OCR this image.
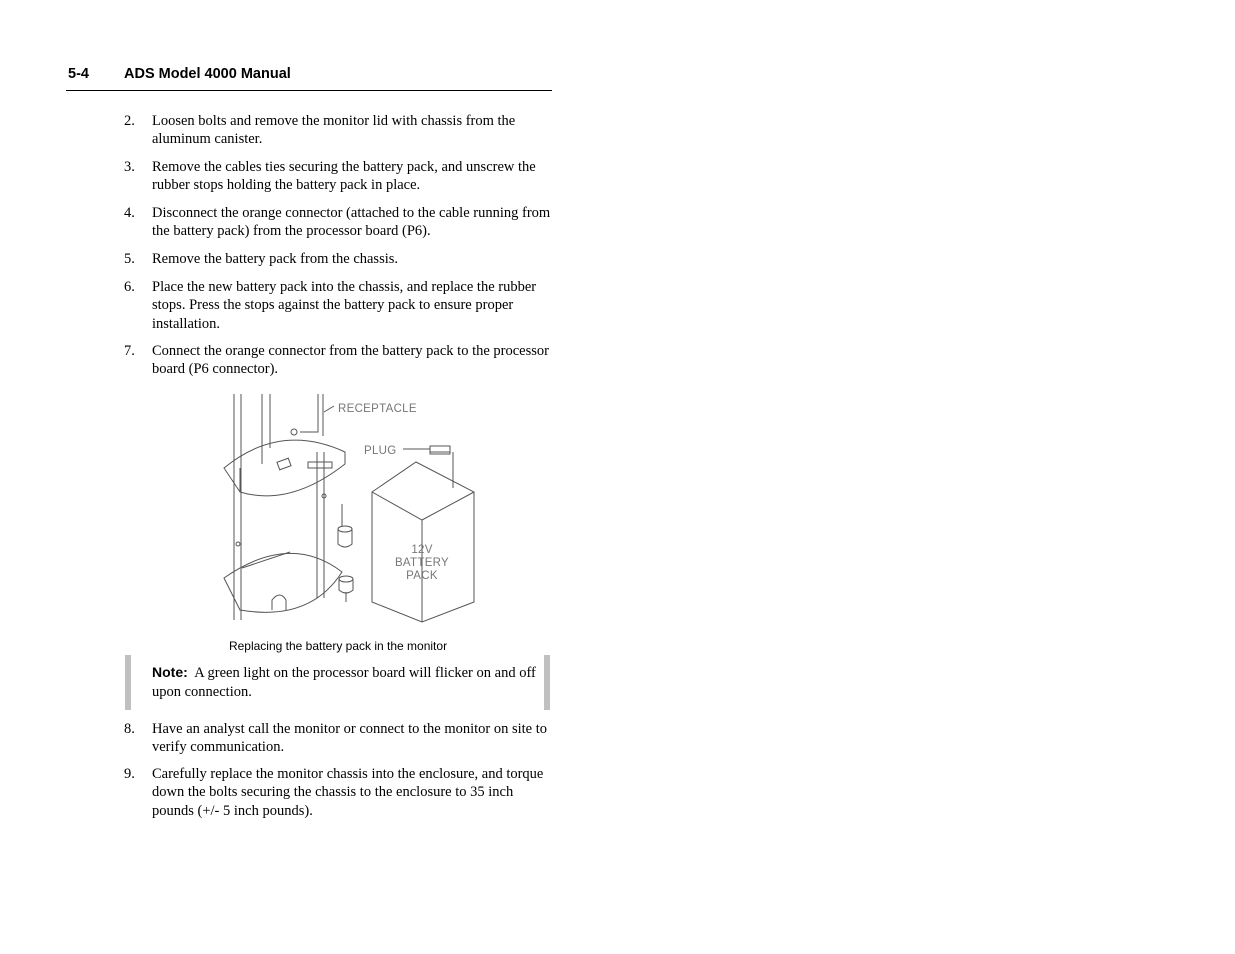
5-4 ADS Model 4000 Manual
2. Loosen bolts and remove the monitor lid with chassis from the aluminum canister.
3. Remove the cables ties securing the battery pack, and unscrew the rubber stops holding the battery pack in place.
4. Disconnect the orange connector (attached to the cable running from the battery pack) from the processor board (P6).
5. Remove the battery pack from the chassis.
6. Place the new battery pack into the chassis, and replace the rubber stops. Press the stops against the battery pack to ensure proper installation.
7. Connect the orange connector from the battery pack to the processor board (P6 connector).
RECEPTACLE
PLUG
12V
BATTERY
PACK
Replacing the battery pack in the monitor
Note: A green light on the processor board will flicker on and off upon connection.
8. Have an analyst call the monitor or connect to the monitor on site to verify communication.
9. Carefully replace the monitor chassis into the enclosure, and torque down the bolts securing the chassis to the enclosure to 35 inch pounds (+/- 5 inch pounds).
